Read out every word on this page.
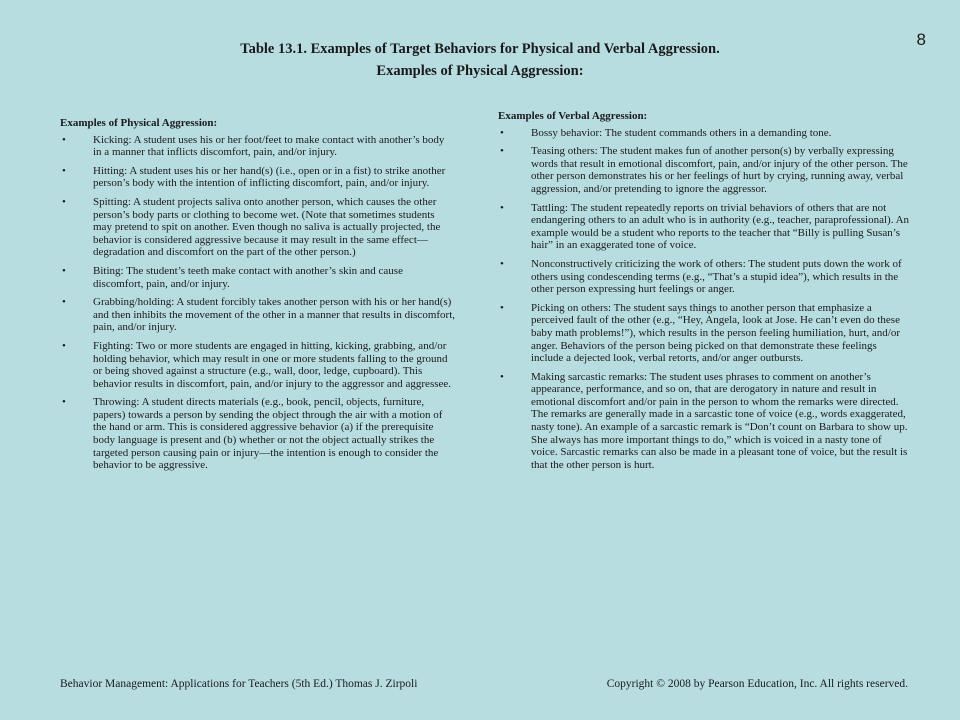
8
Table 13.1. Examples of Target Behaviors for Physical and Verbal Aggression.
Examples of Physical Aggression:
Examples of Physical Aggression:
• Kicking: A student uses his or her foot/feet to make contact with another’s body in a manner that inflicts discomfort, pain, and/or injury.
• Hitting: A student uses his or her hand(s) (i.e., open or in a fist) to strike another person’s body with the intention of inflicting discomfort, pain, and/or injury.
• Spitting: A student projects saliva onto another person, which causes the other person’s body parts or clothing to become wet. (Note that sometimes students may pretend to spit on another. Even though no saliva is actually projected, the behavior is considered aggressive because it may result in the same effect—degradation and discomfort on the part of the other person.)
• Biting: The student’s teeth make contact with another’s skin and cause discomfort, pain, and/or injury.
• Grabbing/holding: A student forcibly takes another person with his or her hand(s) and then inhibits the movement of the other in a manner that results in discomfort, pain, and/or injury.
• Fighting: Two or more students are engaged in hitting, kicking, grabbing, and/or holding behavior, which may result in one or more students falling to the ground or being shoved against a structure (e.g., wall, door, ledge, cupboard). This behavior results in discomfort, pain, and/or injury to the aggressor and aggressee.
• Throwing: A student directs materials (e.g., book, pencil, objects, furniture, papers) towards a person by sending the object through the air with a motion of the hand or arm. This is considered aggressive behavior (a) if the prerequisite body language is present and (b) whether or not the object actually strikes the targeted person causing pain or injury—the intention is enough to consider the behavior to be aggressive.
Examples of Verbal Aggression:
• Bossy behavior: The student commands others in a demanding tone.
• Teasing others: The student makes fun of another person(s) by verbally expressing words that result in emotional discomfort, pain, and/or injury of the other person. The other person demonstrates his or her feelings of hurt by crying, running away, verbal aggression, and/or pretending to ignore the aggressor.
• Tattling: The student repeatedly reports on trivial behaviors of others that are not endangering others to an adult who is in authority (e.g., teacher, paraprofessional). An example would be a student who reports to the teacher that “Billy is pulling Susan’s hair” in an exaggerated tone of voice.
• Nonconstructively criticizing the work of others: The student puts down the work of others using condescending terms (e.g., “That’s a stupid idea”), which results in the other person expressing hurt feelings or anger.
• Picking on others: The student says things to another person that emphasize a perceived fault of the other (e.g., “Hey, Angela, look at Jose. He can’t even do these baby math problems!”), which results in the person feeling humiliation, hurt, and/or anger. Behaviors of the person being picked on that demonstrate these feelings include a dejected look, verbal retorts, and/or anger outbursts.
• Making sarcastic remarks: The student uses phrases to comment on another’s appearance, performance, and so on, that are derogatory in nature and result in emotional discomfort and/or pain in the person to whom the remarks were directed. The remarks are generally made in a sarcastic tone of voice (e.g., words exaggerated, nasty tone). An example of a sarcastic remark is “Don’t count on Barbara to show up. She always has more important things to do,” which is voiced in a nasty tone of voice. Sarcastic remarks can also be made in a pleasant tone of voice, but the result is that the other person is hurt.
Behavior Management: Applications for Teachers (5th Ed.) Thomas J. Zirpoli	Copyright © 2008 by Pearson Education, Inc. All rights reserved.
